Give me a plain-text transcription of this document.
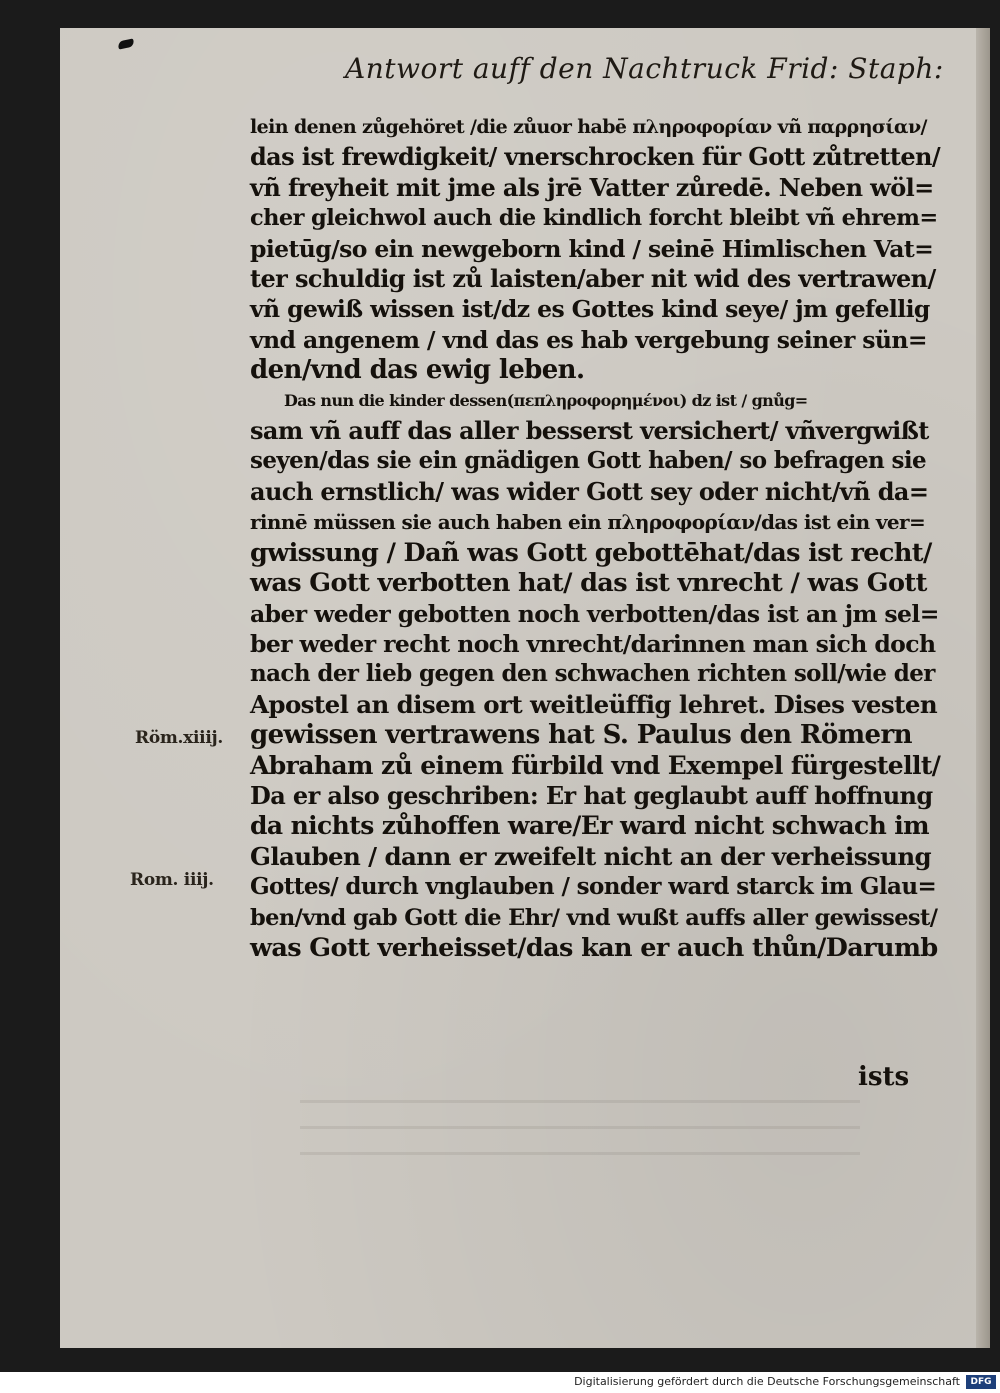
Antwort auff den Nachtruck Frid: Staph:
lein denen zůgehöret /die zůuor habē πληροφορίαν vñ παρρησίαν/
das ist frewdigkeit/ vnerschrocken für Gott zůtretten/
vñ freyheit mit jme als jrē Vatter zůredē. Neben wöl=
cher gleichwol auch die kindlich forcht bleibt vñ ehrem=
pietūg/so ein newgeborn kind / seinē Himlischen Vat=
ter schuldig ist zů laisten/aber nit wid des vertrawen/
vñ gewiß wissen ist/dz es Gottes kind seye/ jm gefellig
vnd angenem / vnd das es hab vergebung seiner sün=
den/vnd das ewig leben.
Das nun die kinder dessen(πεπληροφορημένοι) dz ist / gnůg=
sam vñ auff das aller besserst versichert/ vñvergwißt
seyen/das sie ein gnädigen Gott haben/ so befragen sie
auch ernstlich/ was wider Gott sey oder nicht/vñ da=
rinnē müssen sie auch haben ein πληροφορίαν/das ist ein ver=
gwissung / Dañ was Gott gebottēhat/das ist recht/
was Gott verbotten hat/ das ist vnrecht / was Gott
aber weder gebotten noch verbotten/das ist an jm sel=
ber weder recht noch vnrecht/darinnen man sich doch
nach der lieb gegen den schwachen richten soll/wie der
Apostel an disem ort weitleüffig lehret. Dises vesten
gewissen vertrawens hat S. Paulus den Römern
Abraham zů einem fürbild vnd Exempel fürgestellt/
Da er also geschriben: Er hat geglaubt auff hoffnung
da nichts zůhoffen ware/Er ward nicht schwach im
Glauben / dann er zweifelt nicht an der verheissung
Gottes/ durch vnglauben / sonder ward starck im Glau=
ben/vnd gab Gott die Ehr/ vnd wußt auffs aller gewissest/
was Gott verheisset/das kan er auch thůn/Darumb
ists
Röm.xiiij.
Rom. iiij.
Digitalisierung gefördert durch die Deutsche Forschungsgemeinschaft	DFG
